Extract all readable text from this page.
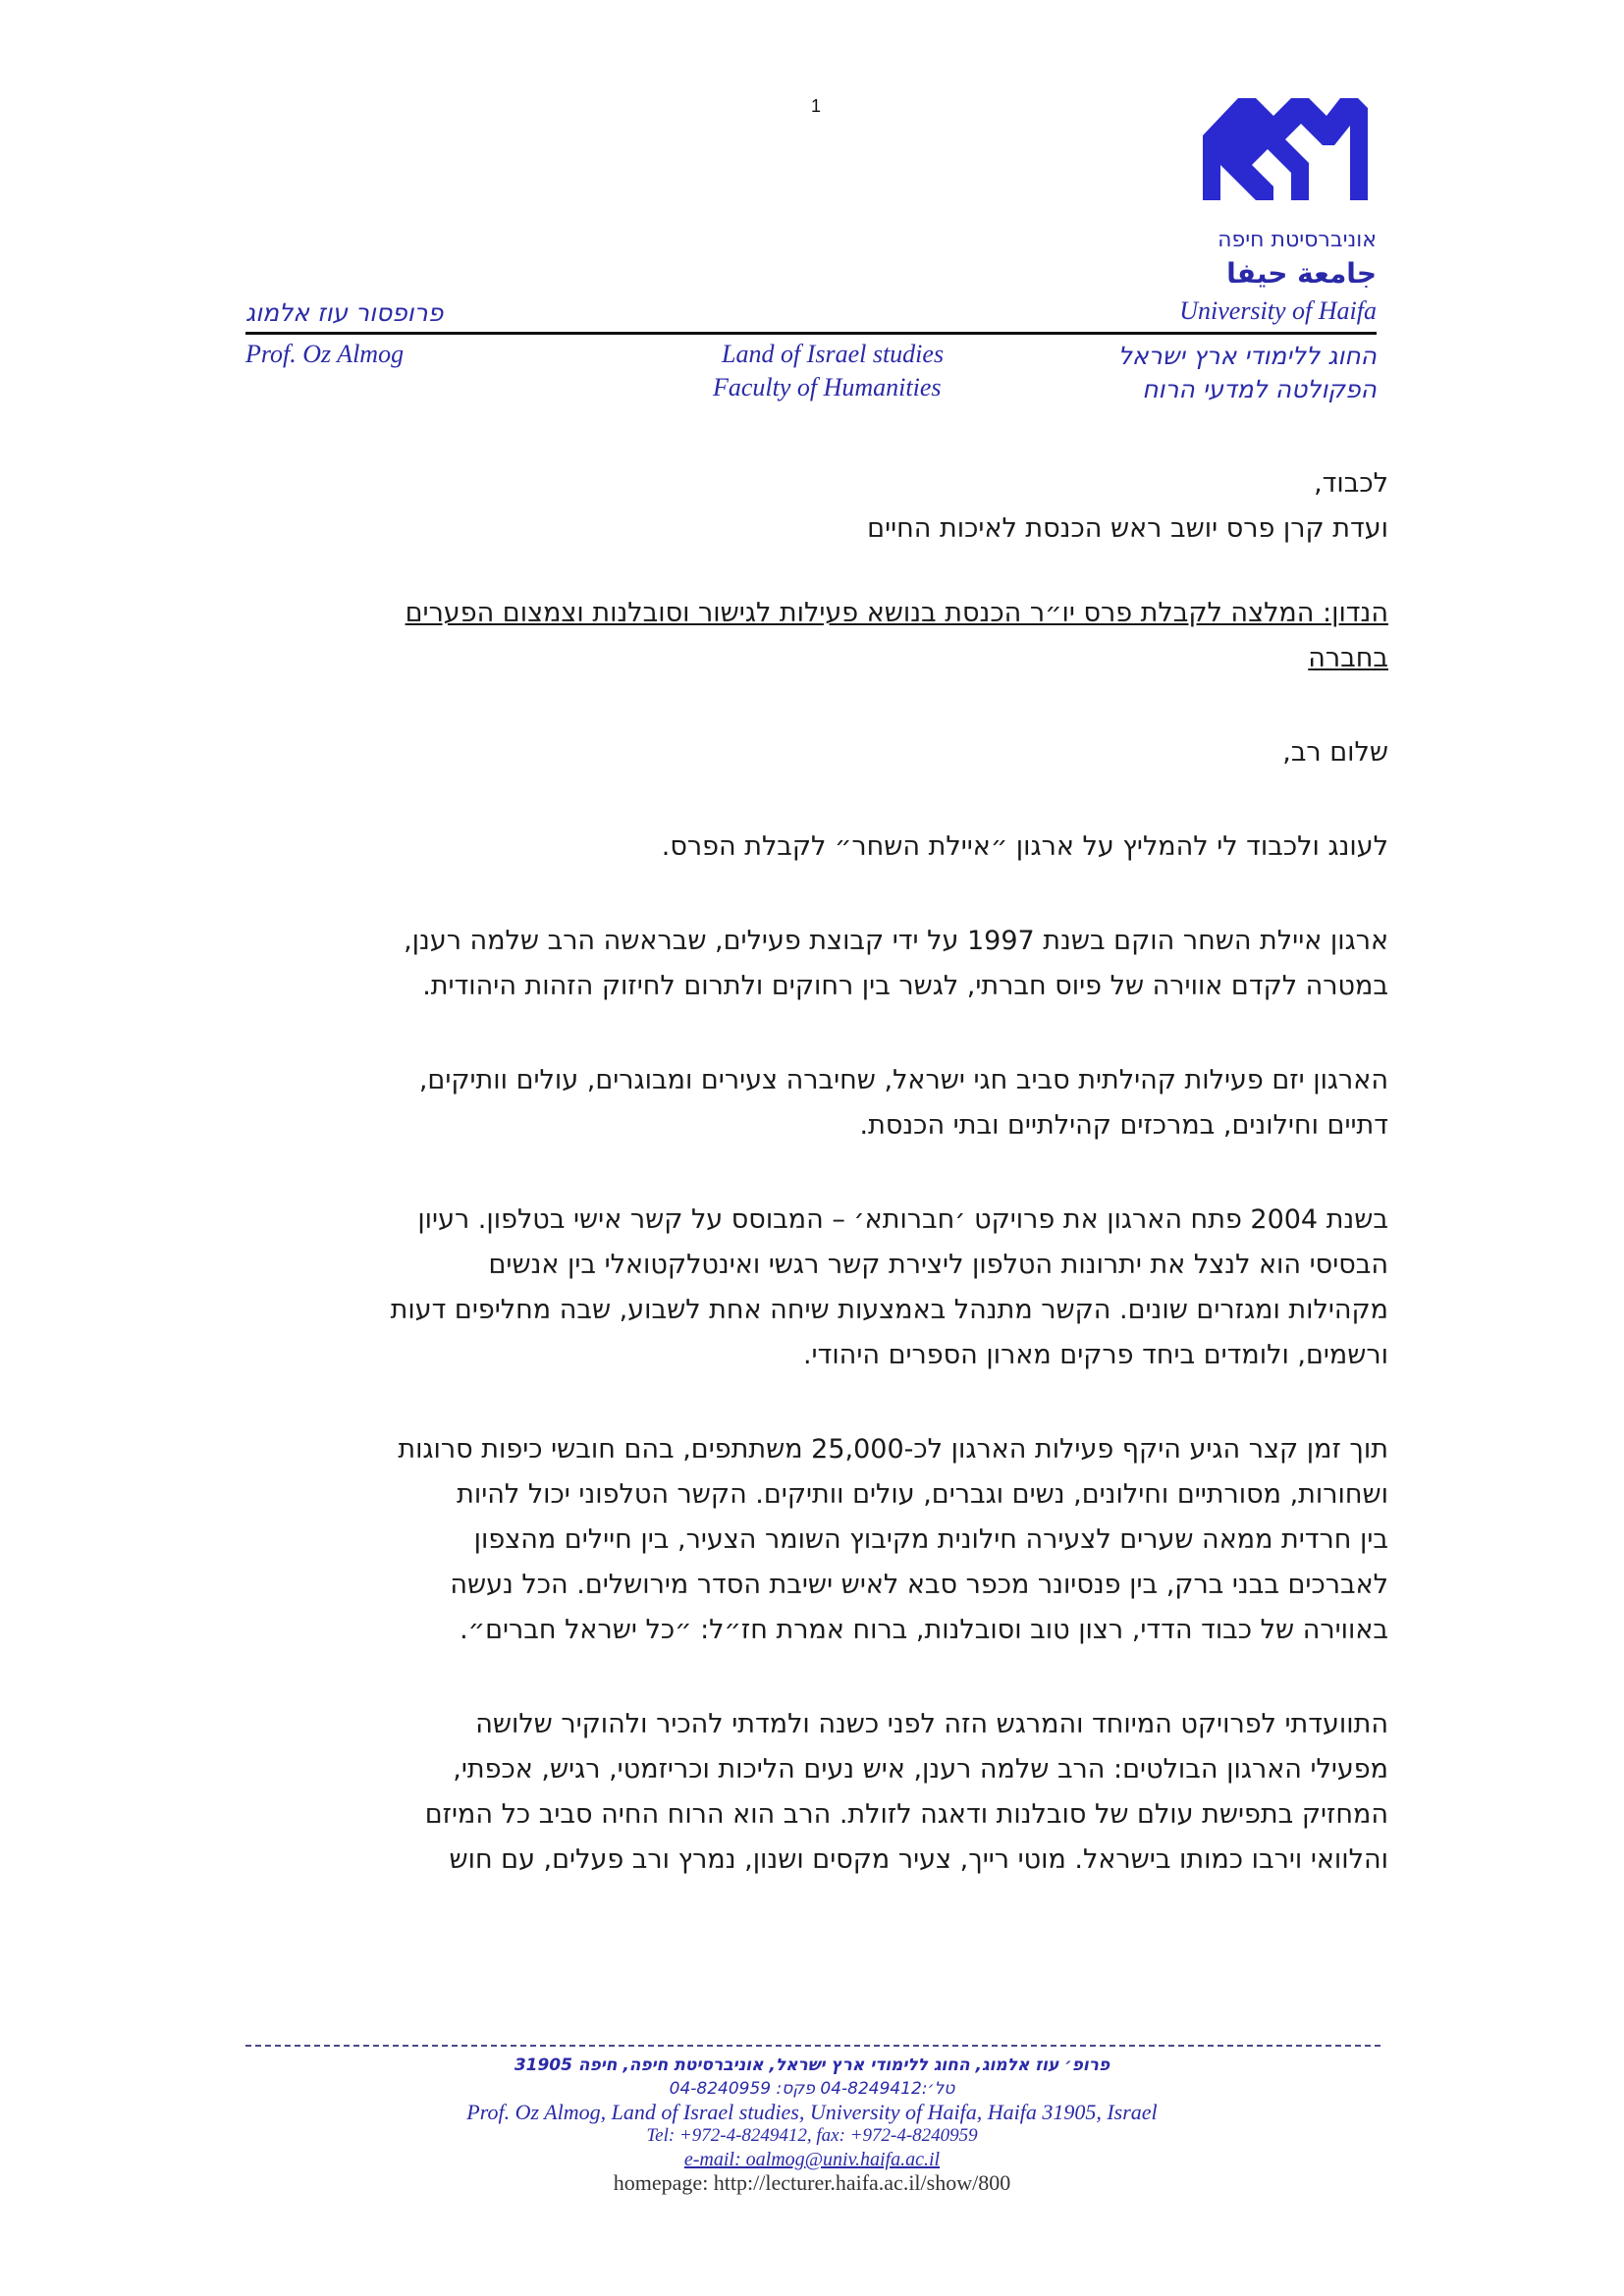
1
אוניברסיטת חיפה
جامعة حيفا
University of Haifa
פרופסור עוז אלמוג
Prof. Oz Almog	Land of Israel studies
Faculty of Humanities
החוג ללימודי ארץ ישראל
הפקולטה למדעי הרוח
לכבוד,
ועדת קרן פרס יושב ראש הכנסת לאיכות החיים
הנדון: המלצה לקבלת פרס יו״ר הכנסת בנושא פעילות לגישור וסובלנות וצמצום הפערים
בחברה
שלום רב,
לעונג ולכבוד לי להמליץ על ארגון ״איילת השחר״ לקבלת הפרס.
ארגון איילת השחר הוקם בשנת 1997 על ידי קבוצת פעילים, שבראשה הרב שלמה רענן,
במטרה לקדם אווירה של פיוס חברתי, לגשר בין רחוקים ולתרום לחיזוק הזהות היהודית.
הארגון יזם פעילות קהילתית סביב חגי ישראל, שחיברה צעירים ומבוגרים, עולים וותיקים,
דתיים וחילונים, במרכזים קהילתיים ובתי הכנסת.
בשנת 2004 פתח הארגון את פרויקט ׳חברותא׳ – המבוסס על קשר אישי בטלפון. רעיון
הבסיסי הוא לנצל את יתרונות הטלפון ליצירת קשר רגשי ואינטלקטואלי בין אנשים
מקהילות ומגזרים שונים. הקשר מתנהל באמצעות שיחה אחת לשבוע, שבה מחליפים דעות
ורשמים, ולומדים ביחד פרקים מארון הספרים היהודי.
תוך זמן קצר הגיע היקף פעילות הארגון לכ-25,000 משתתפים, בהם חובשי כיפות סרוגות
ושחורות, מסורתיים וחילונים, נשים וגברים, עולים וותיקים. הקשר הטלפוני יכול להיות
בין חרדית ממאה שערים לצעירה חילונית מקיבוץ השומר הצעיר, בין חיילים מהצפון
לאברכים בבני ברק, בין פנסיונר מכפר סבא לאיש ישיבת הסדר מירושלים. הכל נעשה
באווירה של כבוד הדדי, רצון טוב וסובלנות, ברוח אמרת חז״ל: ״כל ישראל חברים״.
התוועדתי לפרויקט המיוחד והמרגש הזה לפני כשנה ולמדתי להכיר ולהוקיר שלושה
מפעילי הארגון הבולטים: הרב שלמה רענן, איש נעים הליכות וכריזמטי, רגיש, אכפתי,
המחזיק בתפישת עולם של סובלנות ודאגה לזולת. הרב הוא הרוח החיה סביב כל המיזם
והלוואי וירבו כמותו בישראל. מוטי רייך, צעיר מקסים ושנון, נמרץ ורב פעלים, עם חוש
פרופ׳ עוז אלמוג, החוג ללימודי ארץ ישראל, אוניברסיטת חיפה, חיפה 31905
טל׳:04-8249412 פקס: 04-8240959
Prof. Oz Almog, Land of Israel studies, University of Haifa, Haifa 31905, Israel
Tel: +972-4-8249412, fax: +972-4-8240959
e-mail: oalmog@univ.haifa.ac.il
homepage: http://lecturer.haifa.ac.il/show/800
